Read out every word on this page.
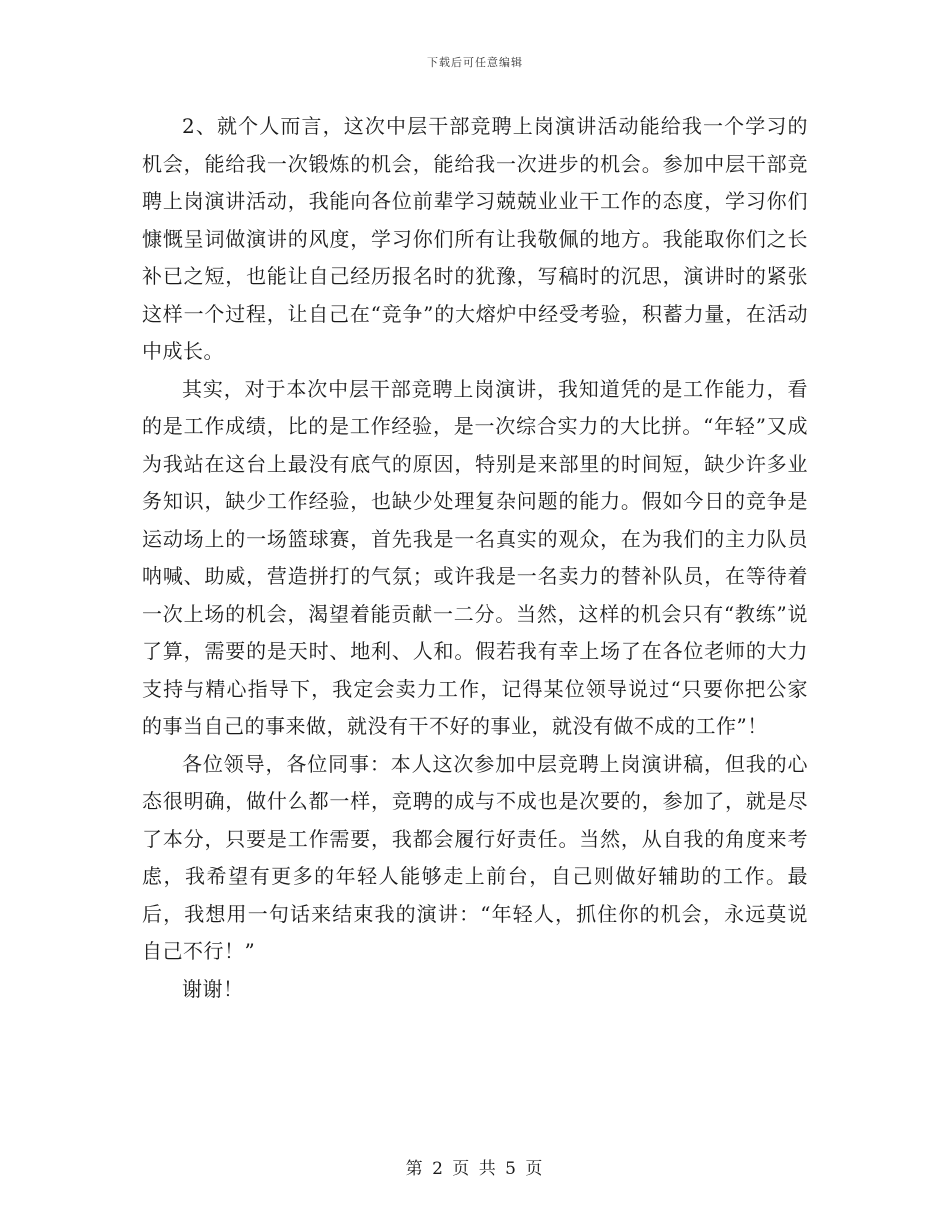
下载后可任意编辑

2、就个人而言，这次中层干部竞聘上岗演讲活动能给我一个学习的机会，能给我一次锻炼的机会，能给我一次进步的机会。参加中层干部竞聘上岗演讲活动，我能向各位前辈学习兢兢业业干工作的态度，学习你们慷慨呈词做演讲的风度，学习你们所有让我敬佩的地方。我能取你们之长补已之短，也能让自己经历报名时的犹豫，写稿时的沉思，演讲时的紧张这样一个过程，让自己在“竞争”的大熔炉中经受考验，积蓄力量，在活动中成长。

其实，对于本次中层干部竞聘上岗演讲，我知道凭的是工作能力，看的是工作成绩，比的是工作经验，是一次综合实力的大比拼。“年轻”又成为我站在这台上最没有底气的原因，特别是来部里的时间短，缺少许多业务知识，缺少工作经验，也缺少处理复杂问题的能力。假如今日的竞争是运动场上的一场篮球赛，首先我是一名真实的观众，在为我们的主力队员呐喊、助威，营造拼打的气氛；或许我是一名卖力的替补队员，在等待着一次上场的机会，渴望着能贡献一二分。当然，这样的机会只有“教练”说了算，需要的是天时、地利、人和。假若我有幸上场了在各位老师的大力支持与精心指导下，我定会卖力工作，记得某位领导说过“只要你把公家的事当自己的事来做，就没有干不好的事业，就没有做不成的工作”！

各位领导，各位同事：本人这次参加中层竞聘上岗演讲稿，但我的心态很明确，做什么都一样，竞聘的成与不成也是次要的，参加了，就是尽了本分，只要是工作需要，我都会履行好责任。当然，从自我的角度来考虑，我希望有更多的年轻人能够走上前台，自己则做好辅助的工作。最后，我想用一句话来结束我的演讲：“年轻人，抓住你的机会，永远莫说自己不行！”

谢谢！

第 2 页 共 5 页
